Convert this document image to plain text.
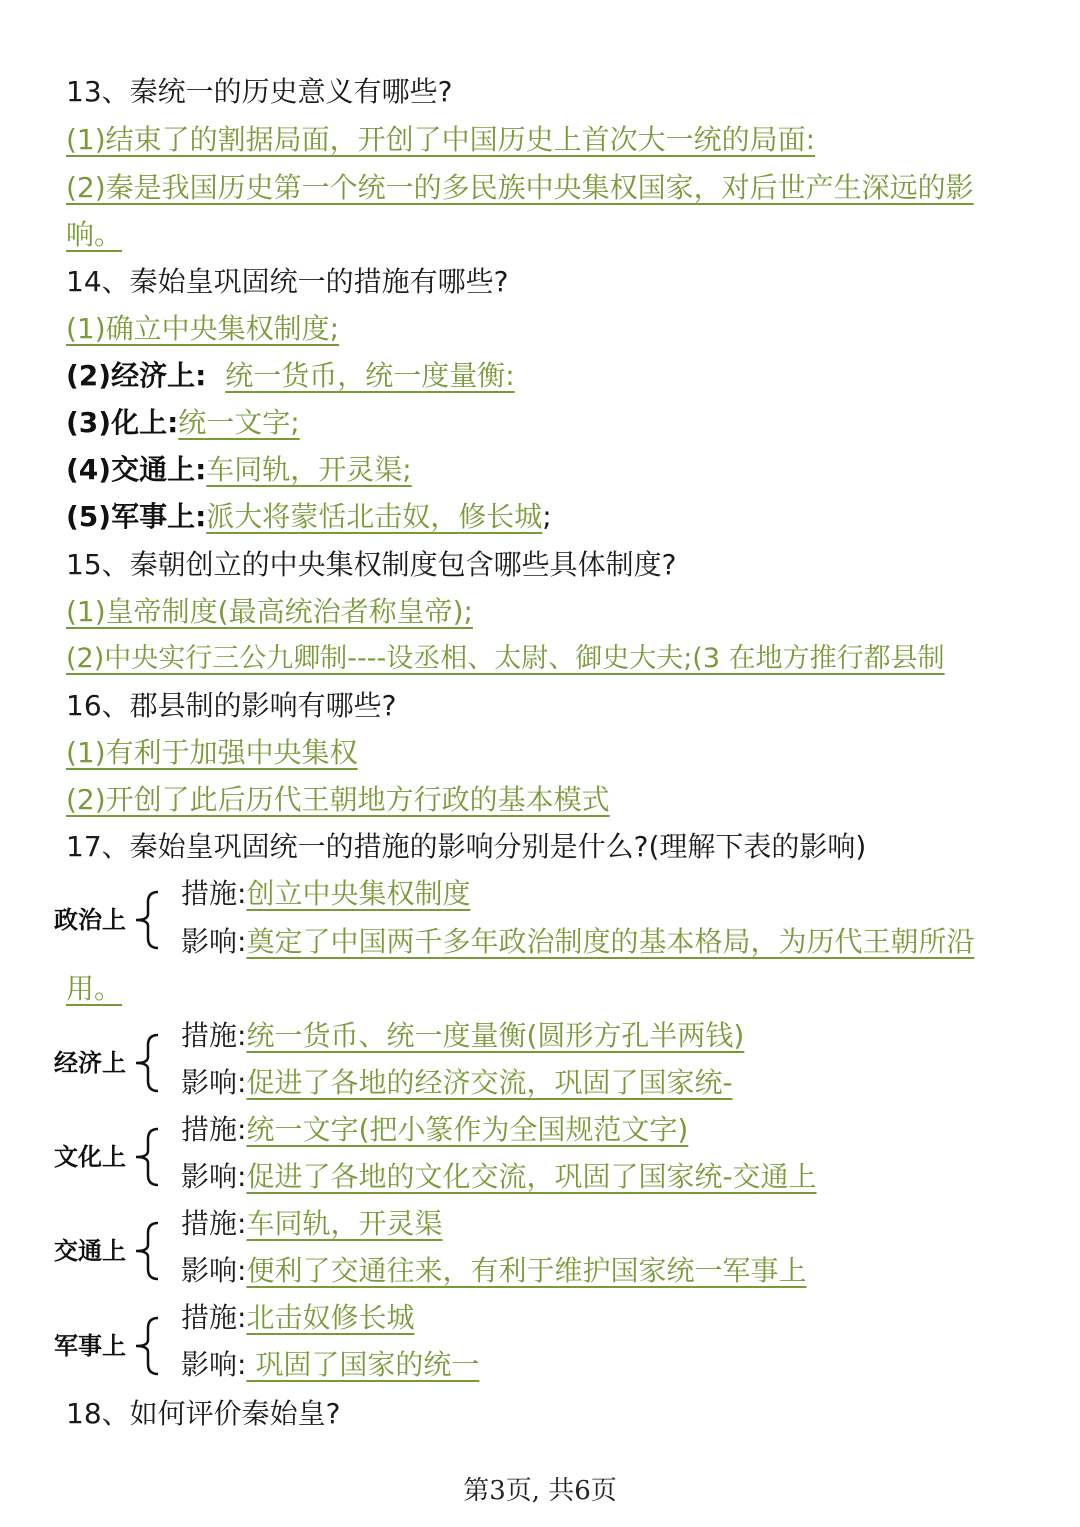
13、秦统一的历史意义有哪些?
(1)结束了的割据局面，开创了中国历史上首次大一统的局面:
(2)秦是我国历史第一个统一的多民族中央集权国家，对后世产生深远的影
响。
14、秦始皇巩固统一的措施有哪些?
(1)确立中央集权制度;
(2)经济上: 统一货币，统一度量衡:
(3)化上:统一文字;
(4)交通上:车同轨，开灵渠;
(5)军事上:派大将蒙恬北击奴，修长城;
15、秦朝创立的中央集权制度包含哪些具体制度?
(1)皇帝制度(最高统治者称皇帝);
(2)中央实行三公九卿制----设丞相、太尉、御史大夫;(3 在地方推行都县制
16、郡县制的影响有哪些?
(1)有利于加强中央集权
(2)开创了此后历代王朝地方行政的基本模式
17、秦始皇巩固统一的措施的影响分别是什么?(理解下表的影响)
政治上
措施:创立中央集权制度
影响:奠定了中国两千多年政治制度的基本格局，为历代王朝所沿
用。
经济上
措施:统一货币、统一度量衡(圆形方孔半两钱)
影响:促进了各地的经济交流，巩固了国家统-
文化上
措施:统一文字(把小篆作为全国规范文字)
影响:促进了各地的文化交流，巩固了国家统-交通上
交通上
措施:车同轨，开灵渠
影响:便利了交通往来，有利于维护国家统一军事上
军事上
措施:北击奴修长城
影响: 巩固了国家的统一
18、如何评价秦始皇?
第3页, 共6页
